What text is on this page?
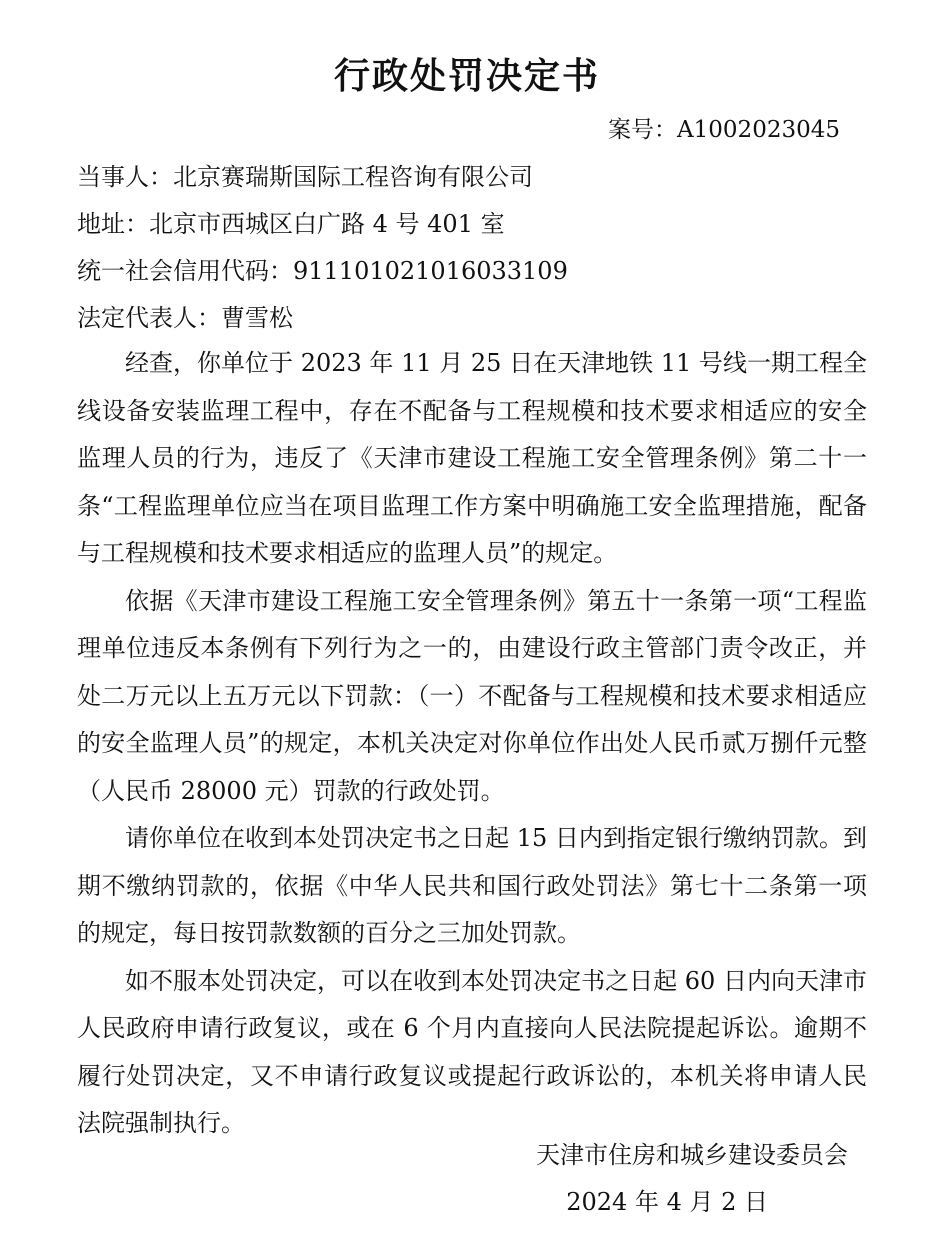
行政处罚决定书
案号：A1002023045
当事人：北京赛瑞斯国际工程咨询有限公司
地址：北京市西城区白广路 4 号 401 室
统一社会信用代码：911101021016033109
法定代表人：曹雪松

经查，你单位于 2023 年 11 月 25 日在天津地铁 11 号线一期工程全线设备安装监理工程中，存在不配备与工程规模和技术要求相适应的安全监理人员的行为，违反了《天津市建设工程施工安全管理条例》第二十一条“工程监理单位应当在项目监理工作方案中明确施工安全监理措施，配备与工程规模和技术要求相适应的监理人员”的规定。

依据《天津市建设工程施工安全管理条例》第五十一条第一项“工程监理单位违反本条例有下列行为之一的，由建设行政主管部门责令改正，并处二万元以上五万元以下罚款：（一）不配备与工程规模和技术要求相适应的安全监理人员”的规定，本机关决定对你单位作出处人民币贰万捌仟元整（人民币 28000 元）罚款的行政处罚。

请你单位在收到本处罚决定书之日起 15 日内到指定银行缴纳罚款。到期不缴纳罚款的，依据《中华人民共和国行政处罚法》第七十二条第一项的规定，每日按罚款数额的百分之三加处罚款。

如不服本处罚决定，可以在收到本处罚决定书之日起 60 日内向天津市人民政府申请行政复议，或在 6 个月内直接向人民法院提起诉讼。逾期不履行处罚决定，又不申请行政复议或提起行政诉讼的，本机关将申请人民法院强制执行。

天津市住房和城乡建设委员会
2024 年 4 月 2 日
